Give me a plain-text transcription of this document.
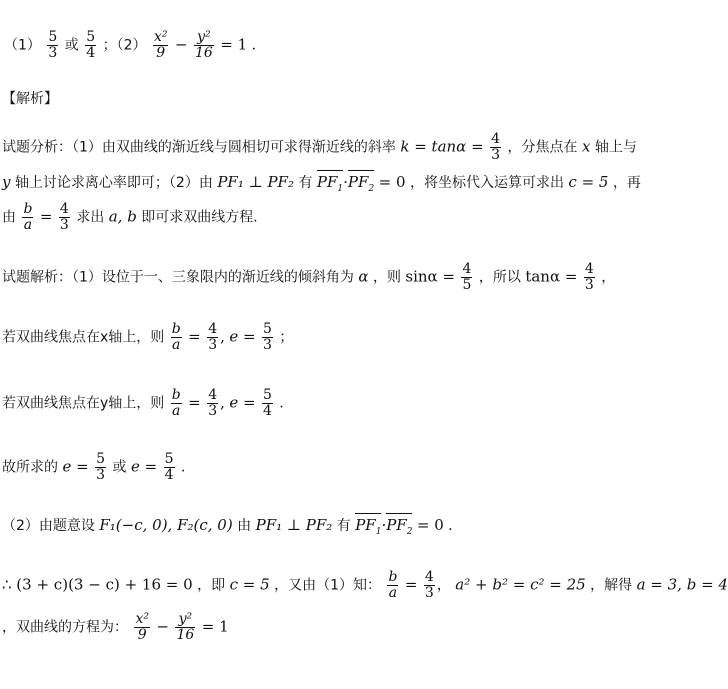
$(1) \frac{5}{3}$ 或 $\frac{5}{4}$ ；$(2) \frac{\text{x²}}{9} - \frac{\text{y²}}{16} = 1$ ．
【解析】
试题分析：（1）由双曲线的渐近线与圆相切可求得渐近线的斜率 $k = \tan\alpha = \frac{4}{3}$ ，分焦点在 x 轴上与
y 轴上讨论求离心率即可；（2）由 PF₁ ⊥ PF₂ 有 $PF_1\cdot PF_2 = 0$ ，将坐标代入运算可求出 c = 5 ，再
由 $\frac{b}{a} = \frac{4}{3}$ 求出 a, b 即可求双曲线方程.
试题解析：（1）设位于一、三象限内的渐近线的倾斜角为 α ，则 $\sin\alpha = \frac{4}{5}$ ，所以 $\tan\alpha = \frac{4}{3}$ ，
若双曲线焦点在x轴上，则 $\frac{b}{a} = \frac{4}{3}$ , $e = \frac{5}{3}$ ；
若双曲线焦点在y轴上，则 $\frac{b}{a} = \frac{4}{3}$ , $e = \frac{5}{4}$ ．
故所求的 $e = \frac{5}{3}$ 或 $e = \frac{5}{4}$ ．
（2）由题意设 F₁(−c, 0), F₂(c, 0) 由 PF₁ ⊥ PF₂ 有 $PF_1\cdot PF_2 = 0$ ．
∴ (3 + c)(3 − c) + 16 = 0 ，即 c = 5 ，又由（1）知： $\frac{b}{a} = \frac{4}{3}$ ， a² + b² = c² = 25 ，解得 a = 3, b = 4
，双曲线的方程为： $\frac{\text{x²}}{9} - \frac{\text{y²}}{16} = 1$
